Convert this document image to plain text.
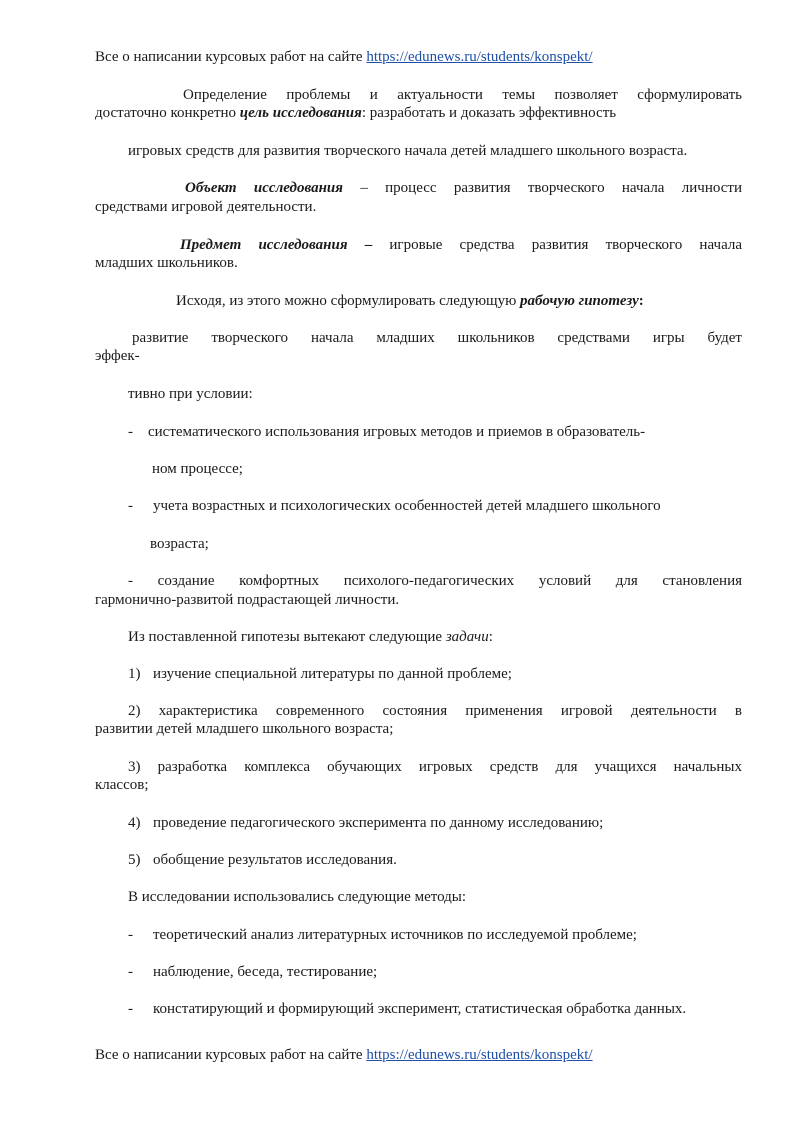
Все о написании курсовых работ на сайте https://edunews.ru/students/konspekt/
Определение проблемы и актуальности темы позволяет сформулировать
достаточно конкретно цель исследования: разработать и доказать эффективность
игровых средств для развития творческого начала детей младшего школьного возраста.
Объект исследования – процесс развития творческого начала личности
средствами игровой деятельности.
Предмет исследования – игровые средства развития творческого начала
младших школьников.
Исходя, из этого можно сформулировать следующую рабочую гипотезу:
развитие творческого начала младших школьников средствами игры будет
эффек-
тивно при условии:
- систематического использования игровых методов и приемов в образователь-
ном процессе;
- учета возрастных и психологических особенностей детей младшего школьного
возраста;
- создание комфортных психолого-педагогических условий для становления
гармонично-развитой подрастающей личности.
Из поставленной гипотезы вытекают следующие задачи:
1) изучение специальной литературы по данной проблеме;
2) характеристика современного состояния применения игровой деятельности в
развитии детей младшего школьного возраста;
3) разработка комплекса обучающих игровых средств для учащихся начальных
классов;
4) проведение педагогического эксперимента по данному исследованию;
5) обобщение результатов исследования.
В исследовании использовались следующие методы:
- теоретический анализ литературных источников по исследуемой проблеме;
- наблюдение, беседа, тестирование;
- констатирующий и формирующий эксперимент, статистическая обработка данных.
Все о написании курсовых работ на сайте https://edunews.ru/students/konspekt/
